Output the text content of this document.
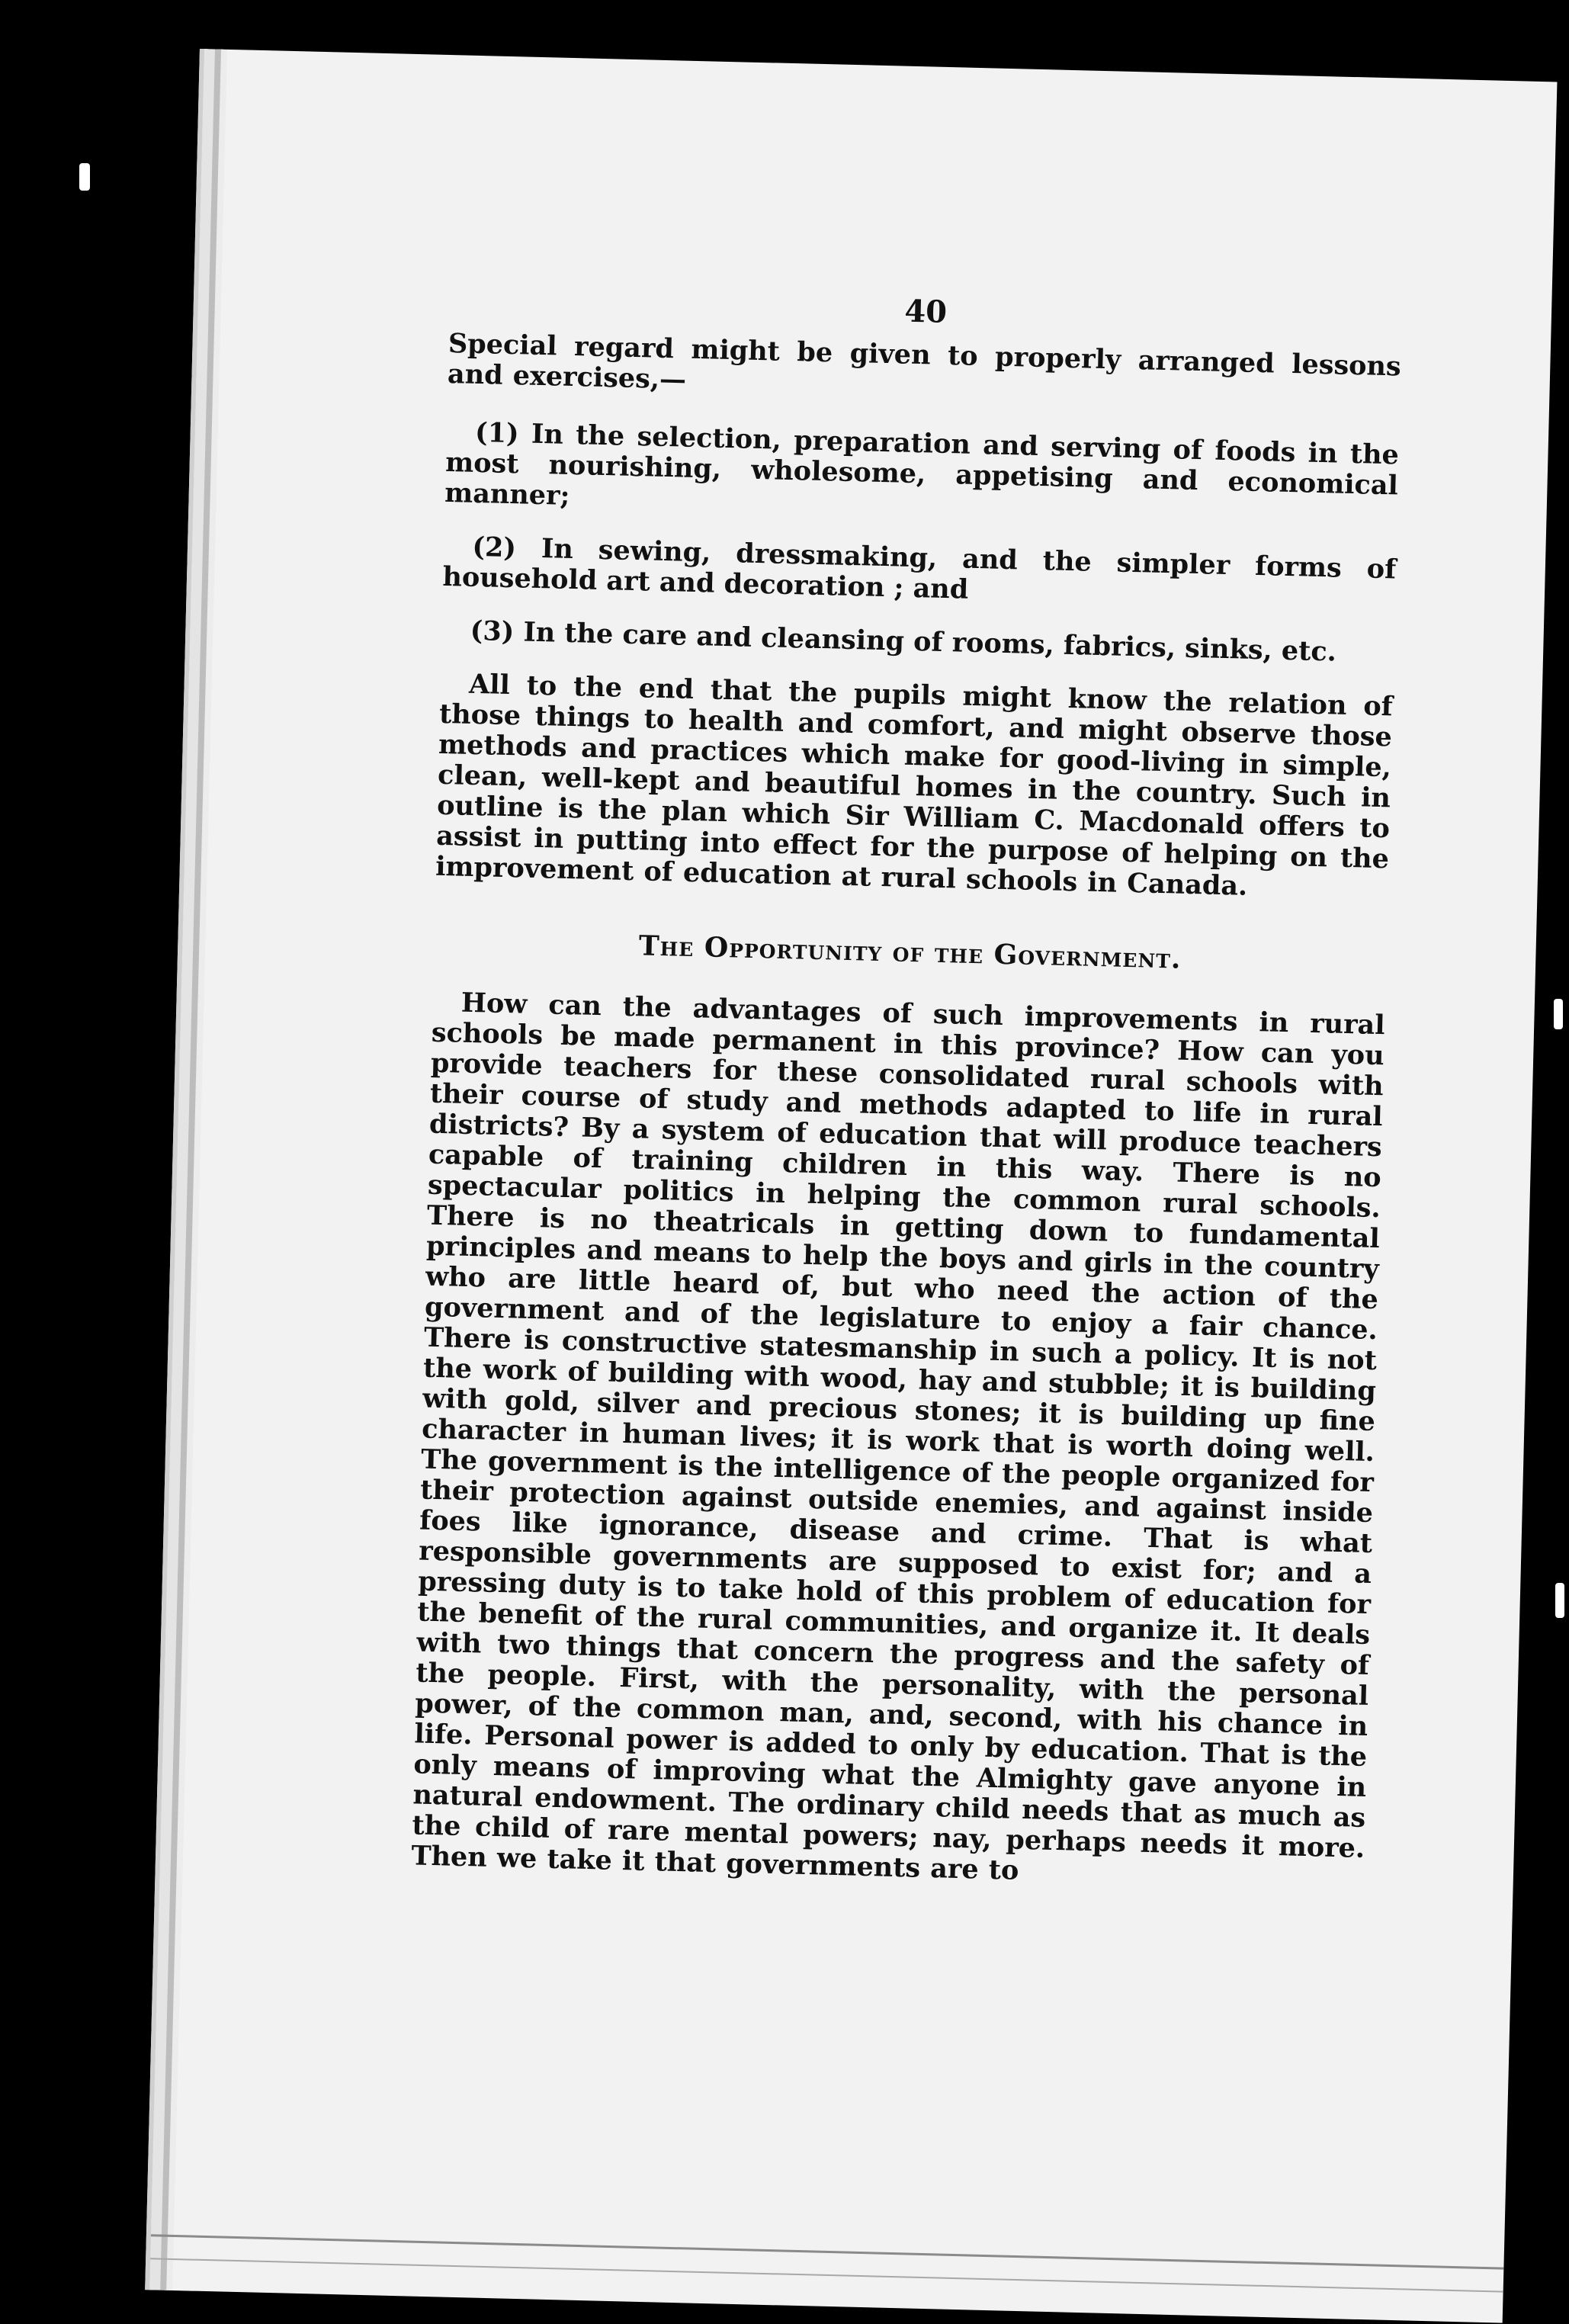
40

Special regard might be given to properly arranged lessons and exercises,—

(1) In the selection, preparation and serving of foods in the most nourishing, wholesome, appetising and economical manner;

(2) In sewing, dressmaking, and the simpler forms of household art and decoration ; and

(3) In the care and cleansing of rooms, fabrics, sinks, etc.

All to the end that the pupils might know the relation of those things to health and comfort, and might observe those methods and practices which make for good-living in simple, clean, well-kept and beautiful homes in the country. Such in outline is the plan which Sir William C. Macdonald offers to assist in putting into effect for the purpose of helping on the improvement of education at rural schools in Canada.

The Opportunity of the Government.

How can the advantages of such improvements in rural schools be made permanent in this province? How can you provide teachers for these consolidated rural schools with their course of study and methods adapted to life in rural districts? By a system of education that will produce teachers capable of training children in this way. There is no spectacular politics in helping the common rural schools. There is no theatricals in getting down to fundamental principles and means to help the boys and girls in the country who are little heard of, but who need the action of the government and of the legislature to enjoy a fair chance. There is constructive statesmanship in such a policy. It is not the work of building with wood, hay and stubble; it is building with gold, silver and precious stones; it is building up fine character in human lives; it is work that is worth doing well. The government is the intelligence of the people organized for their protection against outside enemies, and against inside foes like ignorance, disease and crime. That is what responsible governments are supposed to exist for; and a pressing duty is to take hold of this problem of education for the benefit of the rural communities, and organize it. It deals with two things that concern the progress and the safety of the people. First, with the personality, with the personal power, of the common man, and, second, with his chance in life. Personal power is added to only by education. That is the only means of improving what the Almighty gave anyone in natural endowment. The ordinary child needs that as much as the child of rare mental powers; nay, perhaps needs it more. Then we take it that governments are to
